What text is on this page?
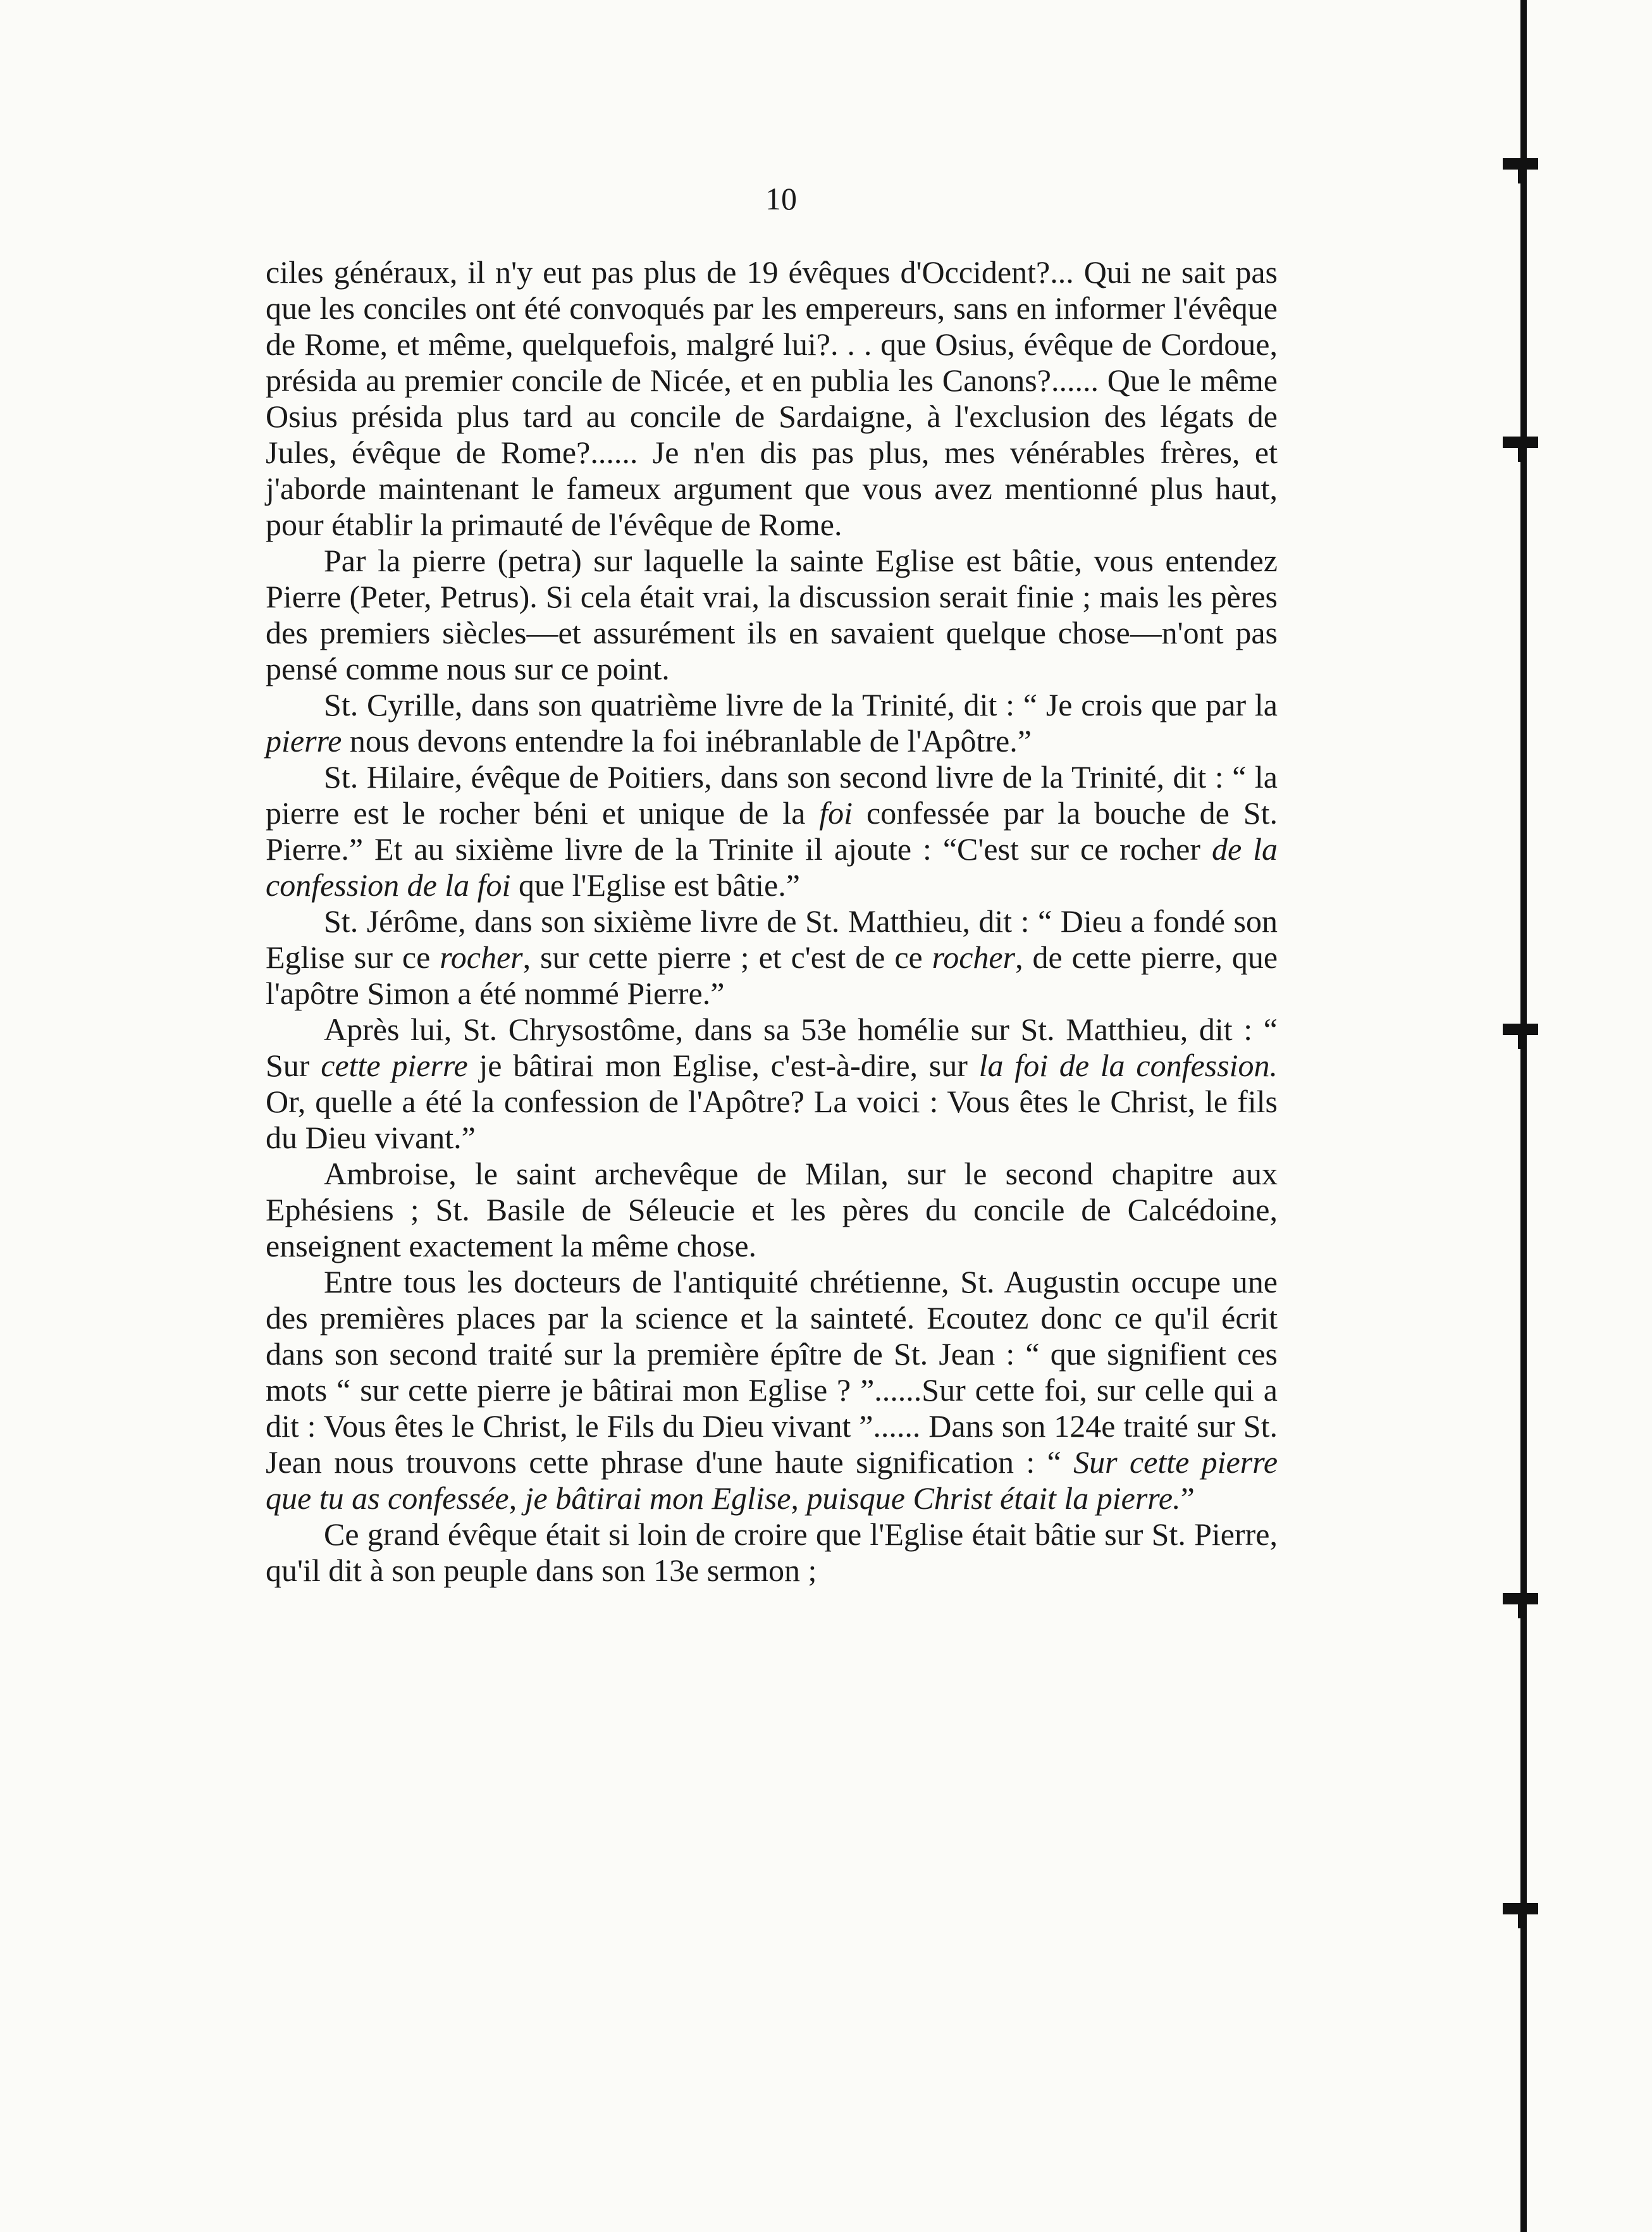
10

ciles généraux, il n'y eut pas plus de 19 évêques d'Occident?... Qui ne sait pas que les conciles ont été convoqués par les empereurs, sans en informer l'évêque de Rome, et même, quelquefois, malgré lui?. . . que Osius, évêque de Cordoue, présida au premier concile de Nicée, et en publia les Canons?...... Que le même Osius présida plus tard au concile de Sardaigne, à l'exclusion des légats de Jules, évêque de Rome?...... Je n'en dis pas plus, mes vénérables frères, et j'aborde maintenant le fameux argument que vous avez mentionné plus haut, pour établir la primauté de l'évêque de Rome.

Par la pierre (petra) sur laquelle la sainte Eglise est bâtie, vous entendez Pierre (Peter, Petrus). Si cela était vrai, la discussion serait finie ; mais les pères des premiers siècles—et assurément ils en savaient quelque chose—n'ont pas pensé comme nous sur ce point.

St. Cyrille, dans son quatrième livre de la Trinité, dit : “ Je crois que par la pierre nous devons entendre la foi inébranlable de l'Apôtre.”

St. Hilaire, évêque de Poitiers, dans son second livre de la Trinité, dit : “ la pierre est le rocher béni et unique de la foi confessée par la bouche de St. Pierre.” Et au sixième livre de la Trinite il ajoute : “C'est sur ce rocher de la confession de la foi que l'Eglise est bâtie.”

St. Jérôme, dans son sixième livre de St. Matthieu, dit : “ Dieu a fondé son Eglise sur ce rocher, sur cette pierre ; et c'est de ce rocher, de cette pierre, que l'apôtre Simon a été nommé Pierre.”

Après lui, St. Chrysostôme, dans sa 53e homélie sur St. Matthieu, dit : “ Sur cette pierre je bâtirai mon Eglise, c'est-à-dire, sur la foi de la confession. Or, quelle a été la confession de l'Apôtre? La voici : Vous êtes le Christ, le fils du Dieu vivant.”

Ambroise, le saint archevêque de Milan, sur le second chapitre aux Ephésiens ; St. Basile de Séleucie et les pères du concile de Calcédoine, enseignent exactement la même chose.

Entre tous les docteurs de l'antiquité chrétienne, St. Augustin occupe une des premières places par la science et la sainteté. Ecoutez donc ce qu'il écrit dans son second traité sur la première épître de St. Jean : “ que signifient ces mots “ sur cette pierre je bâtirai mon Eglise ? ”......Sur cette foi, sur celle qui a dit : Vous êtes le Christ, le Fils du Dieu vivant ”...... Dans son 124e traité sur St. Jean nous trouvons cette phrase d'une haute signification : “ Sur cette pierre que tu as confessée, je bâtirai mon Eglise, puisque Christ était la pierre.”

Ce grand évêque était si loin de croire que l'Eglise était bâtie sur St. Pierre, qu'il dit à son peuple dans son 13e sermon ;
